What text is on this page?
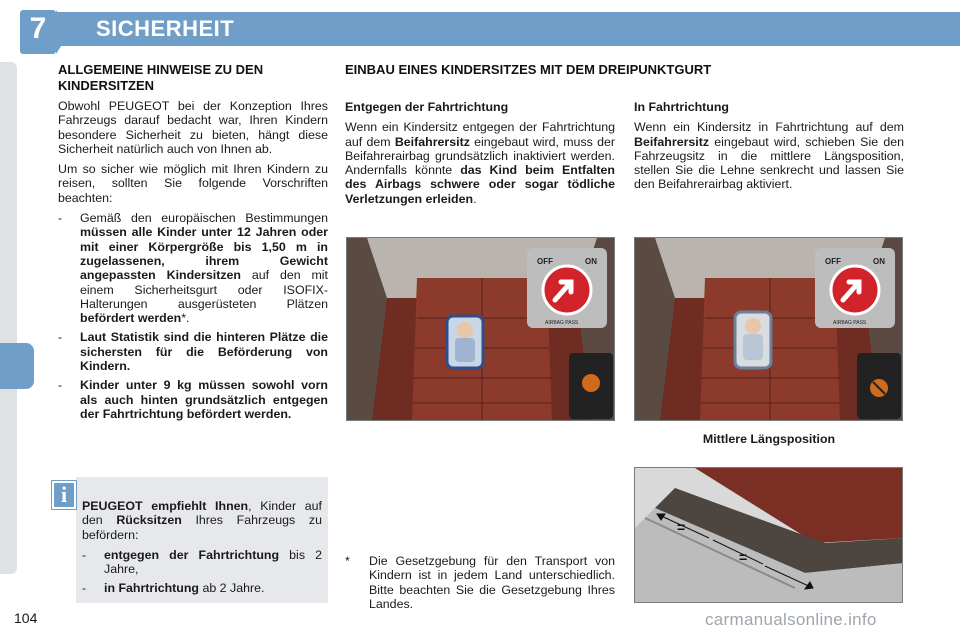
7	SICHERHEIT
ALLGEMEINE HINWEISE ZU DEN KINDERSITZEN
Obwohl PEUGEOT bei der Konzeption Ihres Fahrzeugs darauf bedacht war, Ihren Kindern besondere Sicherheit zu bieten, hängt diese Sicherheit natürlich auch von Ihnen ab.
Um so sicher wie möglich mit Ihren Kindern zu reisen, sollten Sie folgende Vorschriften beachten:
- Gemäß den europäischen Bestimmungen müssen alle Kinder unter 12 Jahren oder mit einer Körpergröße bis 1,50 m in zugelassenen, ihrem Gewicht angepassten Kindersitzen auf den mit einem Sicherheitsgurt oder ISOFIX-Halterungen ausgerüsteten Plätzen befördert werden*.
- Laut Statistik sind die hinteren Plätze die sichersten für die Beförderung von Kindern.
- Kinder unter 9 kg müssen sowohl vorn als auch hinten grundsätzlich entgegen der Fahrtrichtung befördert werden.
EINBAU EINES KINDERSITZES MIT DEM DREIPUNKTGURT
Entgegen der Fahrtrichtung
Wenn ein Kindersitz entgegen der Fahrtrichtung auf dem Beifahrersitz eingebaut wird, muss der Beifahrerairbag grundsätzlich inaktiviert werden. Andernfalls könnte das Kind beim Entfalten des Airbags schwere oder sogar tödliche Verletzungen erleiden.
In Fahrtrichtung
Wenn ein Kindersitz in Fahrtrichtung auf dem Beifahrersitz eingebaut wird, schieben Sie den Fahrzeugsitz in die mittlere Längsposition, stellen Sie die Lehne senkrecht und lassen Sie den Beifahrerairbag aktiviert.
OFF	ON
AIRBAG PASS
OFF	ON
AIRBAG PASS
Mittlere Längsposition
=
=
i	PEUGEOT empfiehlt Ihnen, Kinder auf den Rücksitzen Ihres Fahrzeugs zu befördern:
- entgegen der Fahrtrichtung bis 2 Jahre,
- in Fahrtrichtung ab 2 Jahre.
* Die Gesetzgebung für den Transport von Kindern ist in jedem Land unterschiedlich. Bitte beachten Sie die Gesetzgebung Ihres Landes.
104	carmanualsonline.info
